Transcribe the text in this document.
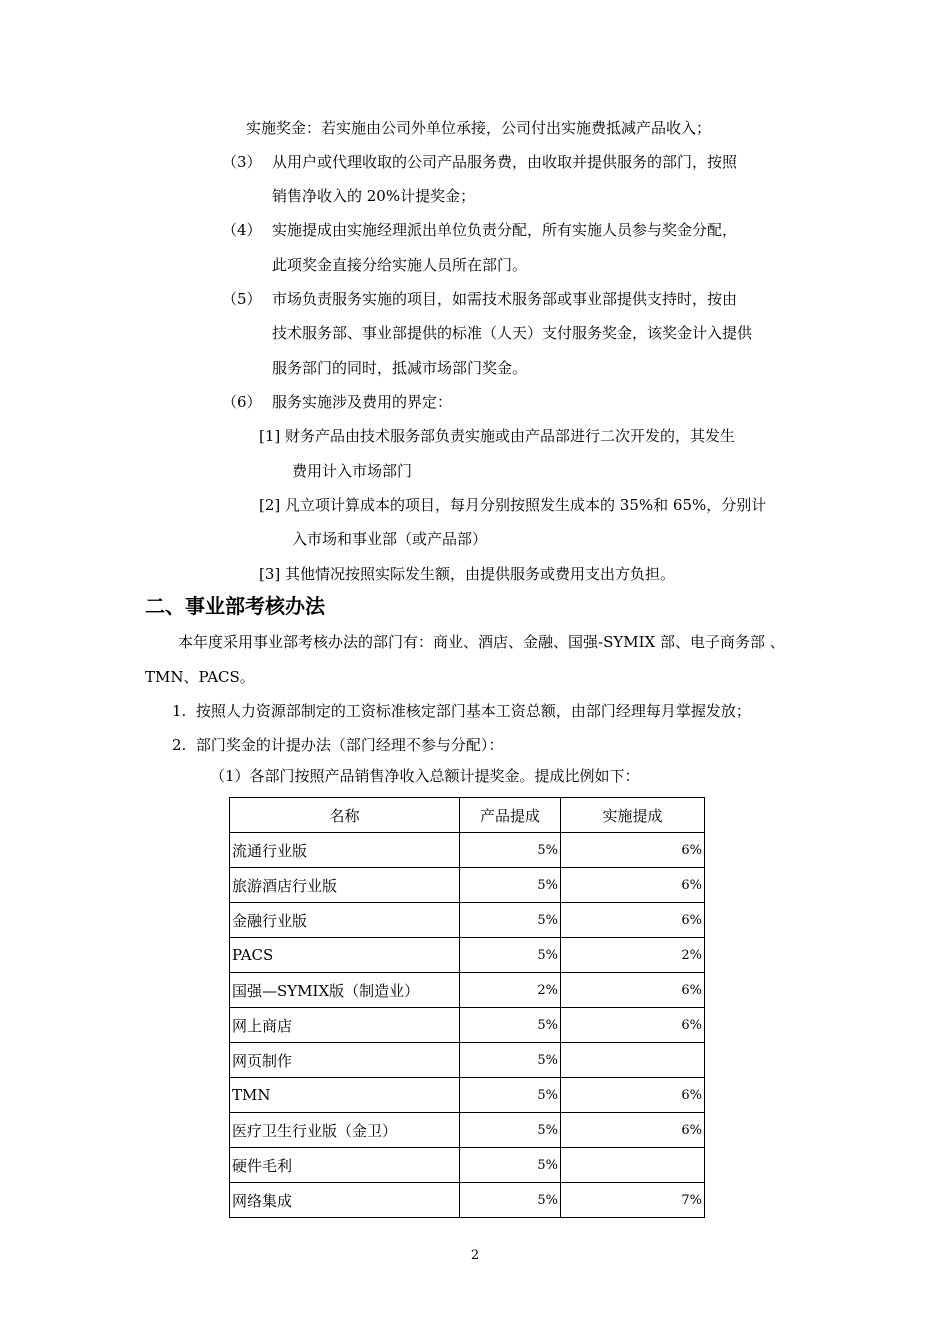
实施奖金：若实施由公司外单位承接，公司付出实施费抵减产品收入；
（3） 从用户或代理收取的公司产品服务费，由收取并提供服务的部门，按照
销售净收入的 20%计提奖金；
（4） 实施提成由实施经理派出单位负责分配，所有实施人员参与奖金分配，
此项奖金直接分给实施人员所在部门。
（5） 市场负责服务实施的项目，如需技术服务部或事业部提供支持时，按由
技术服务部、事业部提供的标准（人天）支付服务奖金，该奖金计入提供
服务部门的同时，抵减市场部门奖金。
（6） 服务实施涉及费用的界定：
[1] 财务产品由技术服务部负责实施或由产品部进行二次开发的，其发生
费用计入市场部门
[2] 凡立项计算成本的项目，每月分别按照发生成本的 35%和 65%，分别计
入市场和事业部（或产品部）
[3] 其他情况按照实际发生额，由提供服务或费用支出方负担。
二、事业部考核办法
本年度采用事业部考核办法的部门有：商业、酒店、金融、国强-SYMIX 部、电子商务部 、
TMN、PACS。
1.  按照人力资源部制定的工资标准核定部门基本工资总额，由部门经理每月掌握发放；
2.  部门奖金的计提办法（部门经理不参与分配）：
（1）各部门按照产品销售净收入总额计提奖金。提成比例如下：
名称	产品提成	实施提成
流通行业版	5%	6%
旅游酒店行业版	5%	6%
金融行业版	5%	6%
PACS	5%	2%
国强—SYMIX版（制造业）	2%	6%
网上商店	5%	6%
网页制作	5%	
TMN	5%	6%
医疗卫生行业版（金卫）	5%	6%
硬件毛利	5%	
网络集成	5%	7%
2
